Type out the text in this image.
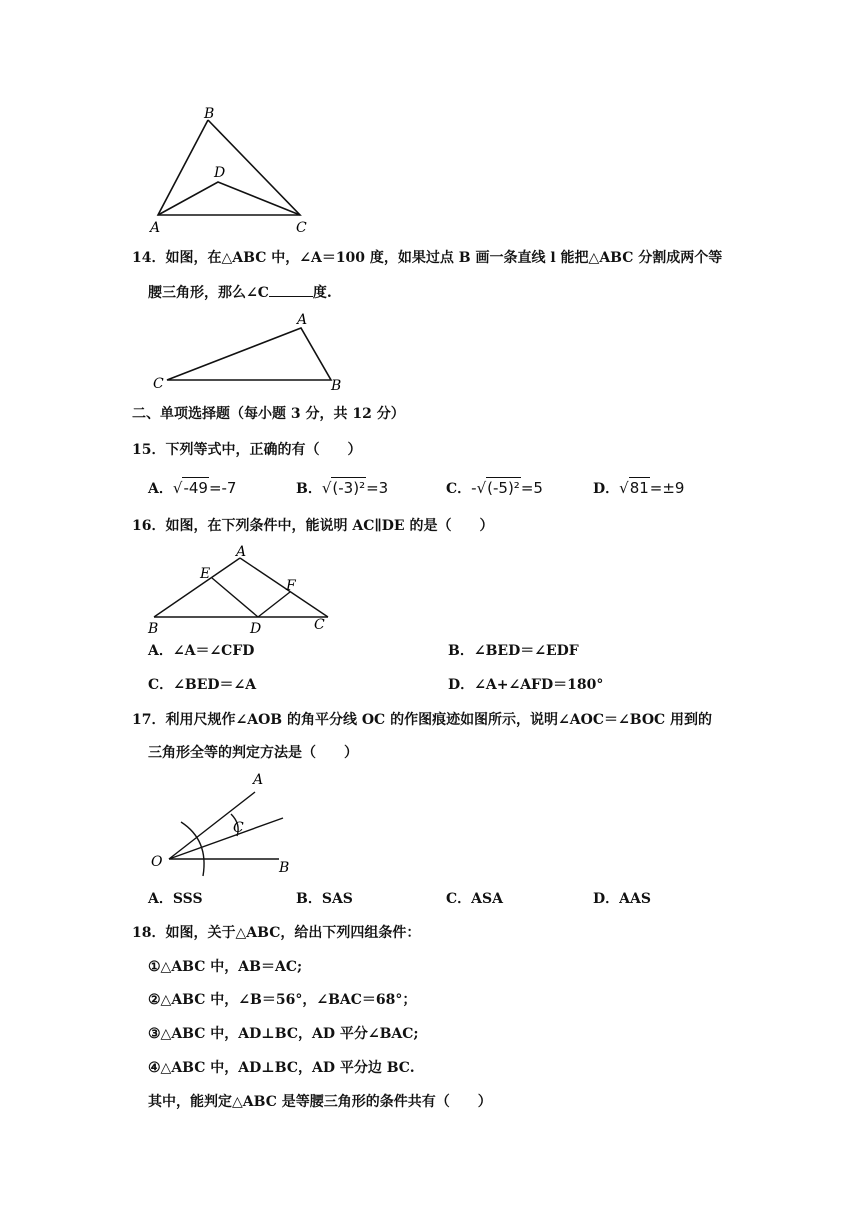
B
D
A	C
14．如图，在△ABC 中，∠A＝100 度，如果过点 B 画一条直线 l 能把△ABC 分割成两个等
腰三角形，那么∠C	度.
A
C	B
二、单项选择题（每小题 3 分，共 12 分）
15．下列等式中，正确的有（　　）
A．√-49=-7	B．√(-3)²=3	C．-√(-5)²=5	D．√81=±9
16．如图，在下列条件中，能说明 AC∥DE 的是（　　）
A
E
F
B	D	C
A．∠A＝∠CFD	B．∠BED＝∠EDF
C．∠BED＝∠A	D．∠A+∠AFD＝180°
17．利用尺规作∠AOB 的角平分线 OC 的作图痕迹如图所示，说明∠AOC＝∠BOC 用到的
三角形全等的判定方法是（　　）
A
C
O	B
A．SSS	B．SAS	C．ASA	D．AAS
18．如图，关于△ABC，给出下列四组条件：
①△ABC 中，AB＝AC;
②△ABC 中，∠B＝56°，∠BAC＝68°；
③△ABC 中，AD⊥BC，AD 平分∠BAC;
④△ABC 中，AD⊥BC，AD 平分边 BC.
其中，能判定△ABC 是等腰三角形的条件共有（　　）
